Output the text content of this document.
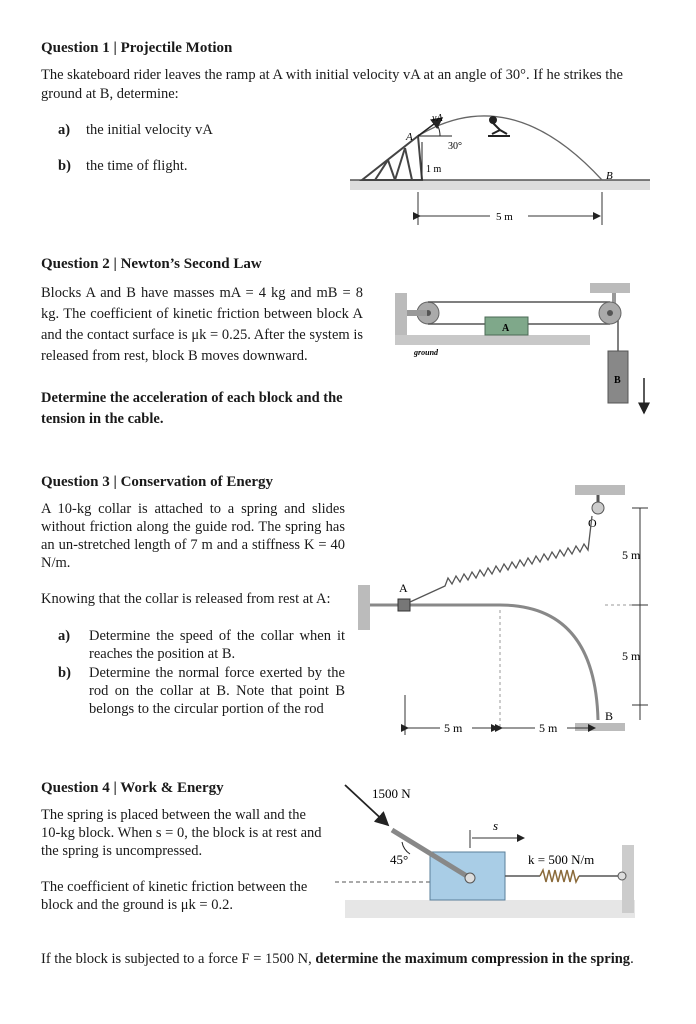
Question 1 | Projectile Motion
The skateboard rider leaves the ramp at A with initial velocity vA at an angle of 30°. If he strikes the ground at B, determine:
a) the initial velocity vA
b) the time of flight.
vA
30°
A
1 m
B
5 m
Question 2 | Newton’s Second Law
Blocks A and B have masses mA = 4 kg and mB = 8 kg. The coefficient of kinetic friction between block A and the contact surface is μk = 0.25. After the system is released from rest, block B moves downward.
Determine the acceleration of each block and the tension in the cable.
ground
A
B
Question 3 | Conservation of Energy
A 10-kg collar is attached to a spring and slides without friction along the guide rod. The spring has an un-stretched length of 7 m and a stiffness K = 40 N/m.
Knowing that the collar is released from rest at A:
a)	Determine the speed of the collar when it reaches the position at B.
b)	Determine the normal force exerted by the rod on the collar at B. Note that point B belongs to the circular portion of the rod
A
O
5 m
5 m
B
5 m	5 m
Question 4 | Work & Energy
The spring is placed between the wall and the 10-kg block. When s = 0, the block is at rest and the spring is uncompressed.
The coefficient of kinetic friction between the block and the ground is μk = 0.2.
1500 N
45°
s
k = 500 N/m
If the block is subjected to a force F = 1500 N, determine the maximum compression in the spring.
